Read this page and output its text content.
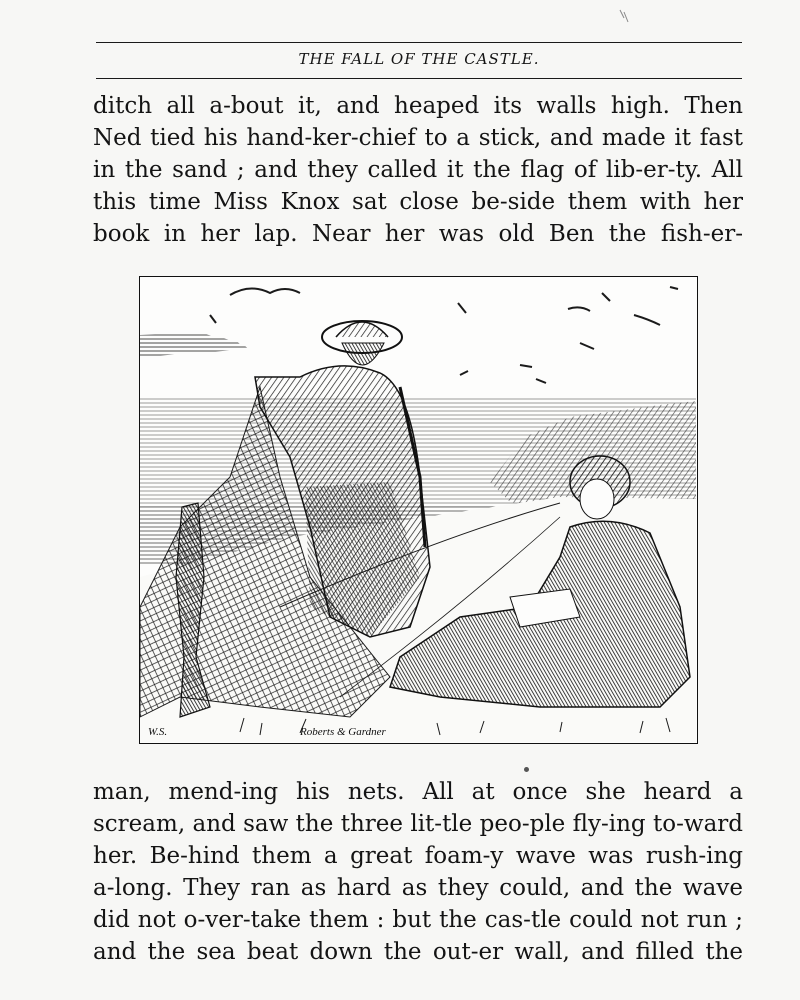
THE FALL OF THE CASTLE.
ditch all a-bout it, and heaped its walls high. Then
Ned tied his hand-ker-chief to a stick, and made it fast
in the sand ; and they called it the flag of lib-er-ty. All
this time Miss Knox sat close be-side them with her
book in her lap. Near her was old Ben the fish-er-
W.S.	Roberts & Gardner
man, mend-ing his nets. All at once she heard a
scream, and saw the three lit-tle peo-ple fly-ing to-ward
her. Be-hind them a great foam-y wave was rush-ing
a-long. They ran as hard as they could, and the wave
did not o-ver-take them : but the cas-tle could not run ;
and the sea beat down the out-er wall, and filled the
